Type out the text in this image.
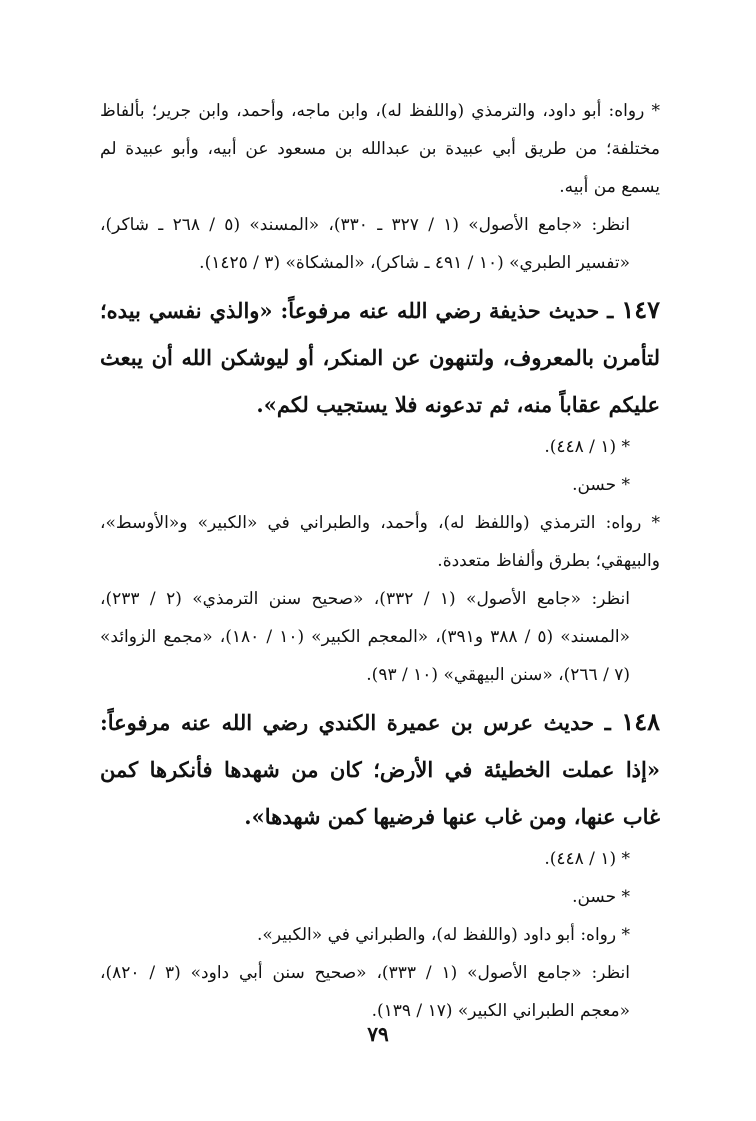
* رواه: أبو داود، والترمذي (واللفظ له)، وابن ماجه، وأحمد، وابن جرير؛ بألفاظ مختلفة؛ من طريق أبي عبيدة بن عبدالله بن مسعود عن أبيه، وأبو عبيدة لم يسمع من أبيه.

انظر: «جامع الأصول» (١ / ٣٢٧ ـ ٣٣٠)، «المسند» (٥ / ٢٦٨ ـ شاكر)، «تفسير الطبري» (١٠ / ٤٩١ ـ شاكر)، «المشكاة» (٣ / ١٤٢٥).

١٤٧ ـ حديث حذيفة رضي الله عنه مرفوعاً: «والذي نفسي بيده؛ لتأمرن بالمعروف، ولتنهون عن المنكر، أو ليوشكن الله أن يبعث عليكم عقاباً منه، ثم تدعونه فلا يستجيب لكم».

* (١ / ٤٤٨).

* حسن.

* رواه: الترمذي (واللفظ له)، وأحمد، والطبراني في «الكبير» و«الأوسط»، والبيهقي؛ بطرق وألفاظ متعددة.

انظر: «جامع الأصول» (١ / ٣٣٢)، «صحيح سنن الترمذي» (٢ / ٢٣٣)، «المسند» (٥ / ٣٨٨ و٣٩١)، «المعجم الكبير» (١٠ / ١٨٠)، «مجمع الزوائد» (٧ / ٢٦٦)، «سنن البيهقي» (١٠ / ٩٣).

١٤٨ ـ حديث عرس بن عميرة الكندي رضي الله عنه مرفوعاً: «إذا عملت الخطيئة في الأرض؛ كان من شهدها فأنكرها كمن غاب عنها، ومن غاب عنها فرضيها كمن شهدها».

* (١ / ٤٤٨).

* حسن.

* رواه: أبو داود (واللفظ له)، والطبراني في «الكبير».

انظر: «جامع الأصول» (١ / ٣٣٣)، «صحيح سنن أبي داود» (٣ / ٨٢٠)، «معجم الطبراني الكبير» (١٧ / ١٣٩).

٧٩
